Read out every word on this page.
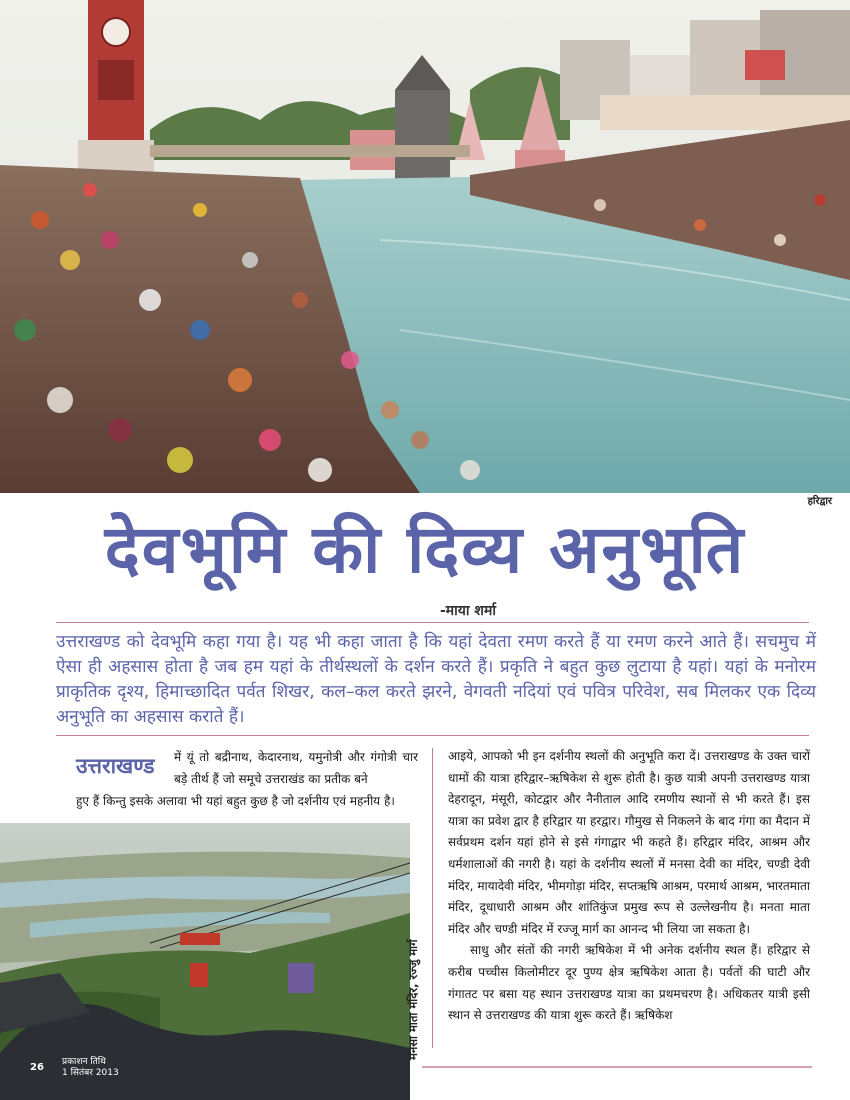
हरिद्वार
देवभूमि की दिव्य अनुभूति
-माया शर्मा
उत्तराखण्ड को देवभूमि कहा गया है। यह भी कहा जाता है कि यहां देवता रमण करते हैं या रमण करने आते हैं। सचमुच में ऐसा ही अहसास होता है जब हम यहां के तीर्थस्थलों के दर्शन करते हैं। प्रकृति ने बहुत कुछ लुटाया है यहां। यहां के मनोरम प्राकृतिक दृश्य, हिमाच्छादित पर्वत शिखर, कल–कल करते झरने, वेगवती नदियां एवं पवित्र परिवेश, सब मिलकर एक दिव्य अनुभूति का अहसास कराते हैं।
उत्तराखण्ड में यूं तो बद्रीनाथ, केदारनाथ, यमुनोत्री और गंगोत्री चार बड़े तीर्थ हैं जो समूचे उत्तराखंड का प्रतीक बने
हुए हैं किन्तु इसके अलावा भी यहां बहुत कुछ है जो दर्शनीय एवं महनीय है।
मनसा माता मंदिर, रज्जु मार्ग

आइये, आपको भी इन दर्शनीय स्थलों की अनुभूति करा दें। उत्तराखण्ड के उक्त चारों धामों की यात्रा हरिद्वार–ऋषिकेश से शुरू होती है। कुछ यात्री अपनी उत्तराखण्ड यात्रा देहरादून, मंसूरी, कोटद्वार और नैनीताल आदि रमणीय स्थानों से भी करते हैं। इस यात्रा का प्रवेश द्वार है हरिद्वार या हरद्वार। गौमुख से निकलने के बाद गंगा का मैदान में सर्वप्रथम दर्शन यहां होने से इसे गंगाद्वार भी कहते हैं। हरिद्वार मंदिर, आश्रम और धर्मशालाओं की नगरी है। यहां के दर्शनीय स्थलों में मनसा देवी का मंदिर, चण्डी देवी मंदिर, मायादेवी मंदिर, भीमगोड़ा मंदिर, सप्तऋषि आश्रम, परमार्थ आश्रम, भारतमाता मंदिर, दूधाधारी आश्रम और शांतिकुंज प्रमुख रूप से उल्लेखनीय है। मनता माता मंदिर और चण्डी मंदिर में रज्जू मार्ग का आनन्द भी लिया जा सकता है।

साधु और संतों की नगरी ऋषिकेश में भी अनेक दर्शनीय स्थल हैं। हरिद्वार से करीब पच्चीस किलोमीटर दूर पुण्य क्षेत्र ऋषिकेश आता है। पर्वतों की घाटी और गंगातट पर बसा यह स्थान उत्तराखण्ड यात्रा का प्रथमचरण है। अधिकतर यात्री इसी स्थान से उत्तराखण्ड की यात्रा शुरू करते हैं। ऋषिकेश

26 प्रकाशन तिथि
1 सितंबर 2013
